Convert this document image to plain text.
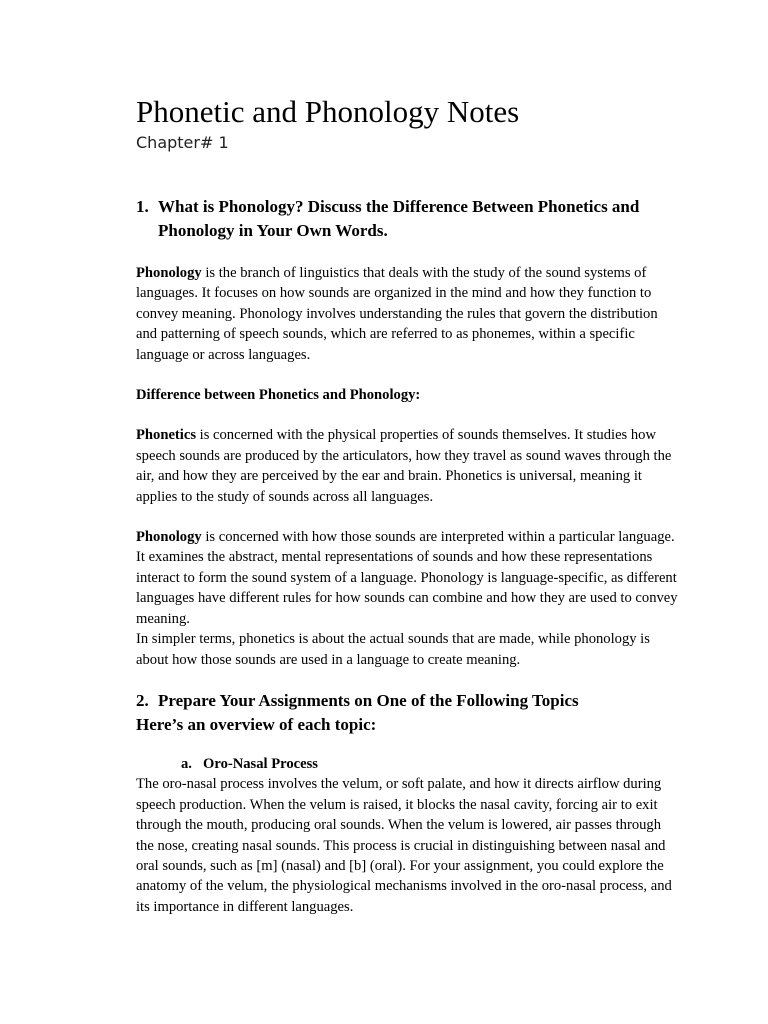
Phonetic and Phonology Notes
Chapter# 1
1. What is Phonology? Discuss the Difference Between Phonetics and Phonology in Your Own Words.

Phonology is the branch of linguistics that deals with the study of the sound systems of languages. It focuses on how sounds are organized in the mind and how they function to convey meaning. Phonology involves understanding the rules that govern the distribution and patterning of speech sounds, which are referred to as phonemes, within a specific language or across languages.

Difference between Phonetics and Phonology:

Phonetics is concerned with the physical properties of sounds themselves. It studies how speech sounds are produced by the articulators, how they travel as sound waves through the air, and how they are perceived by the ear and brain. Phonetics is universal, meaning it applies to the study of sounds across all languages.

Phonology is concerned with how those sounds are interpreted within a particular language. It examines the abstract, mental representations of sounds and how these representations interact to form the sound system of a language. Phonology is language-specific, as different languages have different rules for how sounds can combine and how they are used to convey meaning.

In simpler terms, phonetics is about the actual sounds that are made, while phonology is about how those sounds are used in a language to create meaning.

2. Prepare Your Assignments on One of the Following Topics

Here’s an overview of each topic:

a. Oro-Nasal Process

The oro-nasal process involves the velum, or soft palate, and how it directs airflow during speech production. When the velum is raised, it blocks the nasal cavity, forcing air to exit through the mouth, producing oral sounds. When the velum is lowered, air passes through the nose, creating nasal sounds. This process is crucial in distinguishing between nasal and oral sounds, such as [m] (nasal) and [b] (oral). For your assignment, you could explore the anatomy of the velum, the physiological mechanisms involved in the oro-nasal process, and its importance in different languages.
